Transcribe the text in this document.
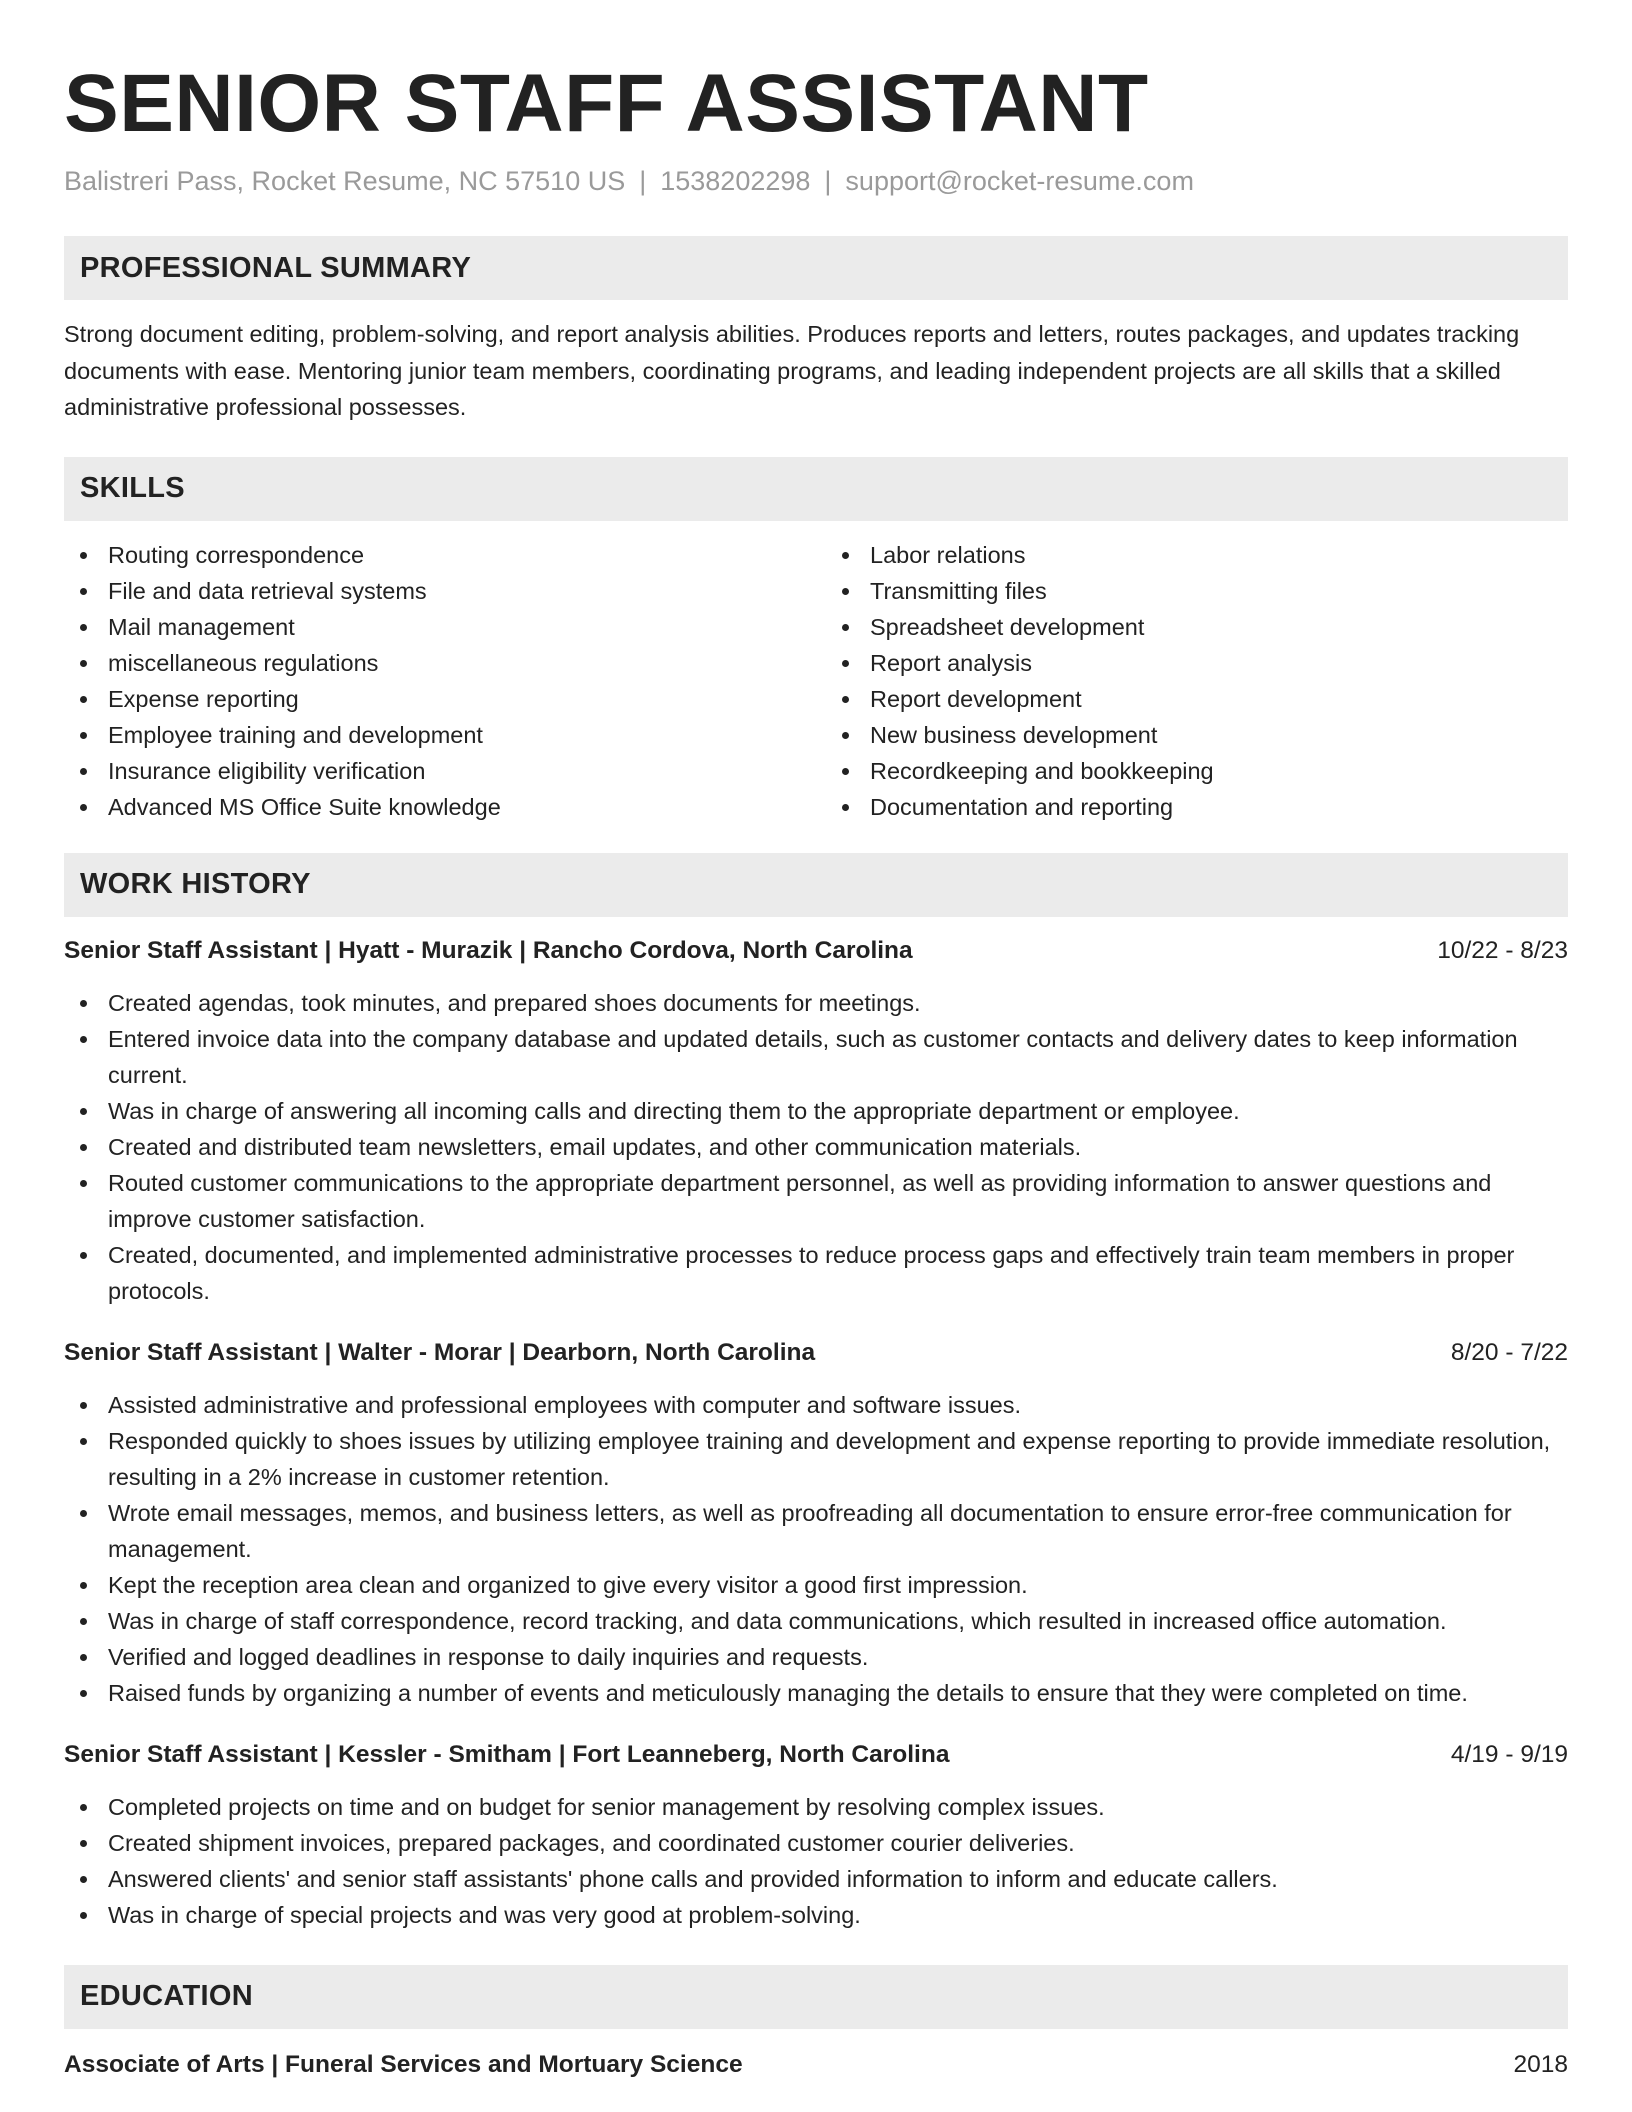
SENIOR STAFF ASSISTANT
Balistreri Pass, Rocket Resume, NC 57510 US | 1538202298 | support@rocket-resume.com
PROFESSIONAL SUMMARY

Strong document editing, problem-solving, and report analysis abilities. Produces reports and letters, routes packages, and updates tracking documents with ease. Mentoring junior team members, coordinating programs, and leading independent projects are all skills that a skilled administrative professional possesses.

SKILLS
Routing correspondence
File and data retrieval systems
Mail management
miscellaneous regulations
Expense reporting
Employee training and development
Insurance eligibility verification
Advanced MS Office Suite knowledge
Labor relations
Transmitting files
Spreadsheet development
Report analysis
Report development
New business development
Recordkeeping and bookkeeping
Documentation and reporting
WORK HISTORY
Senior Staff Assistant | Hyatt - Murazik | Rancho Cordova, North Carolina	10/22 - 8/23
Created agendas, took minutes, and prepared shoes documents for meetings.
Entered invoice data into the company database and updated details, such as customer contacts and delivery dates to keep information current.
Was in charge of answering all incoming calls and directing them to the appropriate department or employee.
Created and distributed team newsletters, email updates, and other communication materials.
Routed customer communications to the appropriate department personnel, as well as providing information to answer questions and improve customer satisfaction.
Created, documented, and implemented administrative processes to reduce process gaps and effectively train team members in proper protocols.
Senior Staff Assistant | Walter - Morar | Dearborn, North Carolina	8/20 - 7/22
Assisted administrative and professional employees with computer and software issues.
Responded quickly to shoes issues by utilizing employee training and development and expense reporting to provide immediate resolution, resulting in a 2% increase in customer retention.
Wrote email messages, memos, and business letters, as well as proofreading all documentation to ensure error-free communication for management.
Kept the reception area clean and organized to give every visitor a good first impression.
Was in charge of staff correspondence, record tracking, and data communications, which resulted in increased office automation.
Verified and logged deadlines in response to daily inquiries and requests.
Raised funds by organizing a number of events and meticulously managing the details to ensure that they were completed on time.
Senior Staff Assistant | Kessler - Smitham | Fort Leanneberg, North Carolina	4/19 - 9/19
Completed projects on time and on budget for senior management by resolving complex issues.
Created shipment invoices, prepared packages, and coordinated customer courier deliveries.
Answered clients' and senior staff assistants' phone calls and provided information to inform and educate callers.
Was in charge of special projects and was very good at problem-solving.
EDUCATION
Associate of Arts | Funeral Services and Mortuary Science	2018
